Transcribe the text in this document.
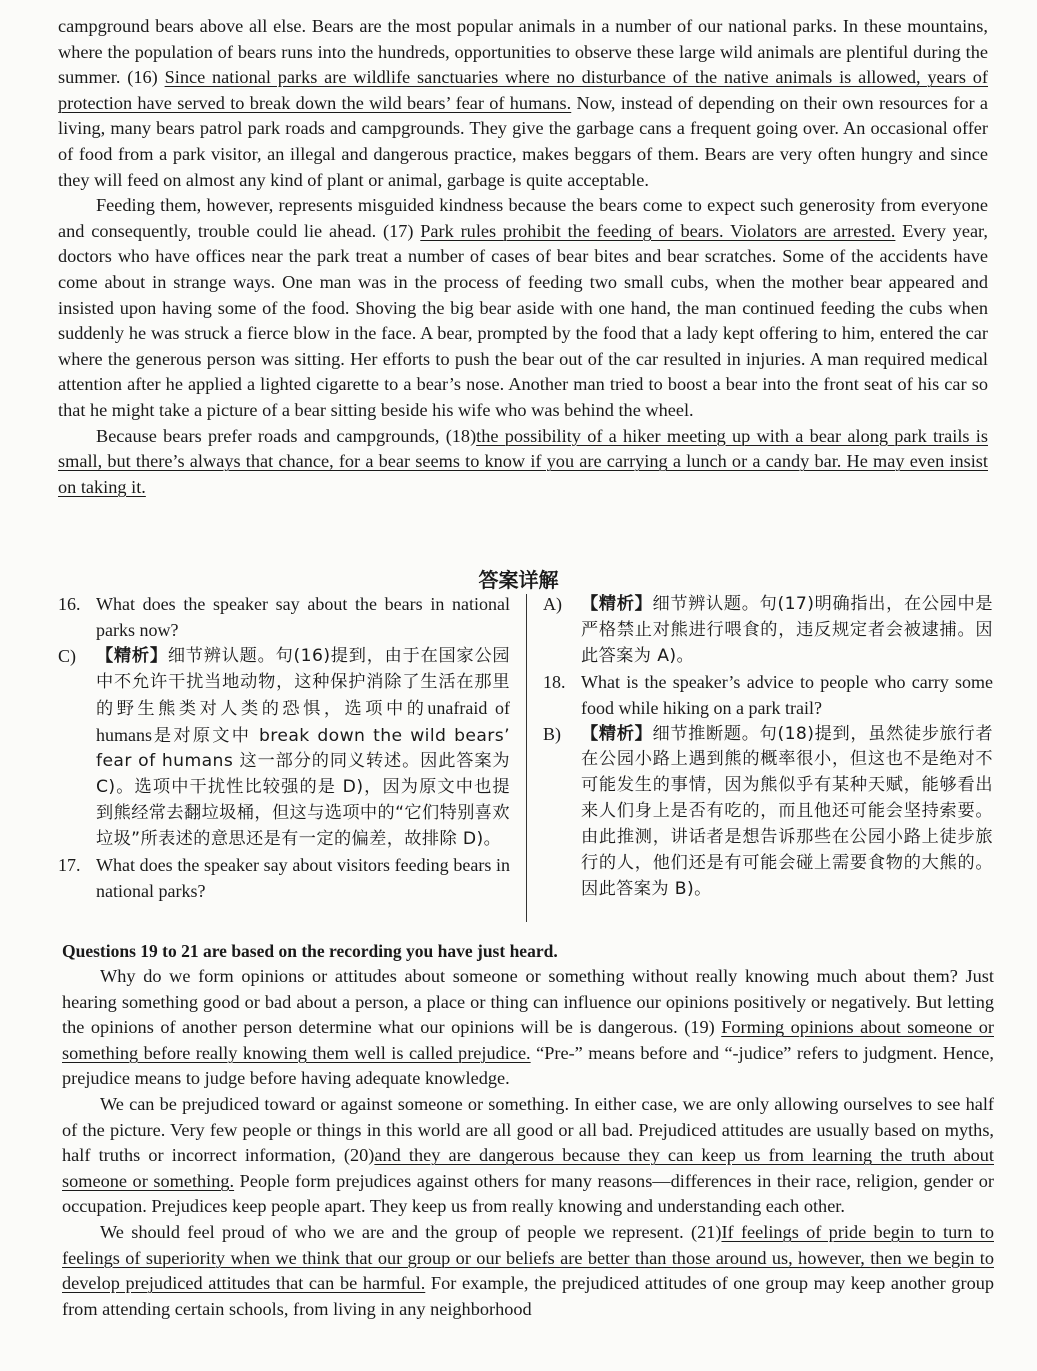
campground bears above all else. Bears are the most popular animals in a number of our national parks. In these mountains, where the population of bears runs into the hundreds, opportunities to observe these large wild animals are plentiful during the summer. (16) Since national parks are wildlife sanctuaries where no disturbance of the native animals is allowed, years of protection have served to break down the wild bears’ fear of humans. Now, instead of depending on their own resources for a living, many bears patrol park roads and campgrounds. They give the garbage cans a frequent going over. An occasional offer of food from a park visitor, an illegal and dangerous practice, makes beggars of them. Bears are very often hungry and since they will feed on almost any kind of plant or animal, garbage is quite acceptable.

Feeding them, however, represents misguided kindness because the bears come to expect such generosity from everyone and consequently, trouble could lie ahead. (17) Park rules prohibit the feeding of bears. Violators are arrested. Every year, doctors who have offices near the park treat a number of cases of bear bites and bear scratches. Some of the accidents have come about in strange ways. One man was in the process of feeding two small cubs, when the mother bear appeared and insisted upon having some of the food. Shoving the big bear aside with one hand, the man continued feeding the cubs when suddenly he was struck a fierce blow in the face. A bear, prompted by the food that a lady kept offering to him, entered the car where the generous person was sitting. Her efforts to push the bear out of the car resulted in injuries. A man required medical attention after he applied a lighted cigarette to a bear’s nose. Another man tried to boost a bear into the front seat of his car so that he might take a picture of a bear sitting beside his wife who was behind the wheel.

Because bears prefer roads and campgrounds, (18)the possibility of a hiker meeting up with a bear along park trails is small, but there’s always that chance, for a bear seems to know if you are carrying a lunch or a candy bar. He may even insist on taking it.

答案详解

16. What does the speaker say about the bears in national parks now?

C)	【精析】细节辨认题。句(16)提到，由于在国家公园中不允许干扰当地动物，这种保护消除了生活在那里的野生熊类对人类的恐惧，选项中的unafraid of humans是对原文中 break down the wild bears’ fear of humans 这一部分的同义转述。因此答案为 C)。选项中干扰性比较强的是 D)，因为原文中也提到熊经常去翻垃圾桶，但这与选项中的“它们特别喜欢垃圾”所表述的意思还是有一定的偏差，故排除 D)。

17. What does the speaker say about visitors feeding bears in national parks?

A)	【精析】细节辨认题。句(17)明确指出，在公园中是严格禁止对熊进行喂食的，违反规定者会被逮捕。因此答案为 A)。

18. What is the speaker’s advice to people who carry some food while hiking on a park trail?

B)	【精析】细节推断题。句(18)提到，虽然徒步旅行者在公园小路上遇到熊的概率很小，但这也不是绝对不可能发生的事情，因为熊似乎有某种天赋，能够看出来人们身上是否有吃的，而且他还可能会坚持索要。由此推测，讲话者是想告诉那些在公园小路上徒步旅行的人，他们还是有可能会碰上需要食物的大熊的。因此答案为 B)。

Questions 19 to 21 are based on the recording you have just heard.

Why do we form opinions or attitudes about someone or something without really knowing much about them? Just hearing something good or bad about a person, a place or thing can influence our opinions positively or negatively. But letting the opinions of another person determine what our opinions will be is dangerous. (19) Forming opinions about someone or something before really knowing them well is called prejudice. “Pre-” means before and “-judice” refers to judgment. Hence, prejudice means to judge before having adequate knowledge.

We can be prejudiced toward or against someone or something. In either case, we are only allowing ourselves to see half of the picture. Very few people or things in this world are all good or all bad. Prejudiced attitudes are usually based on myths, half truths or incorrect information, (20)and they are dangerous because they can keep us from learning the truth about someone or something. People form prejudices against others for many reasons—differences in their race, religion, gender or occupation. Prejudices keep people apart. They keep us from really knowing and understanding each other.

We should feel proud of who we are and the group of people we represent. (21)If feelings of pride begin to turn to feelings of superiority when we think that our group or our beliefs are better than those around us, however, then we begin to develop prejudiced attitudes that can be harmful. For example, the prejudiced attitudes of one group may keep another group from attending certain schools, from living in any neighborhood
